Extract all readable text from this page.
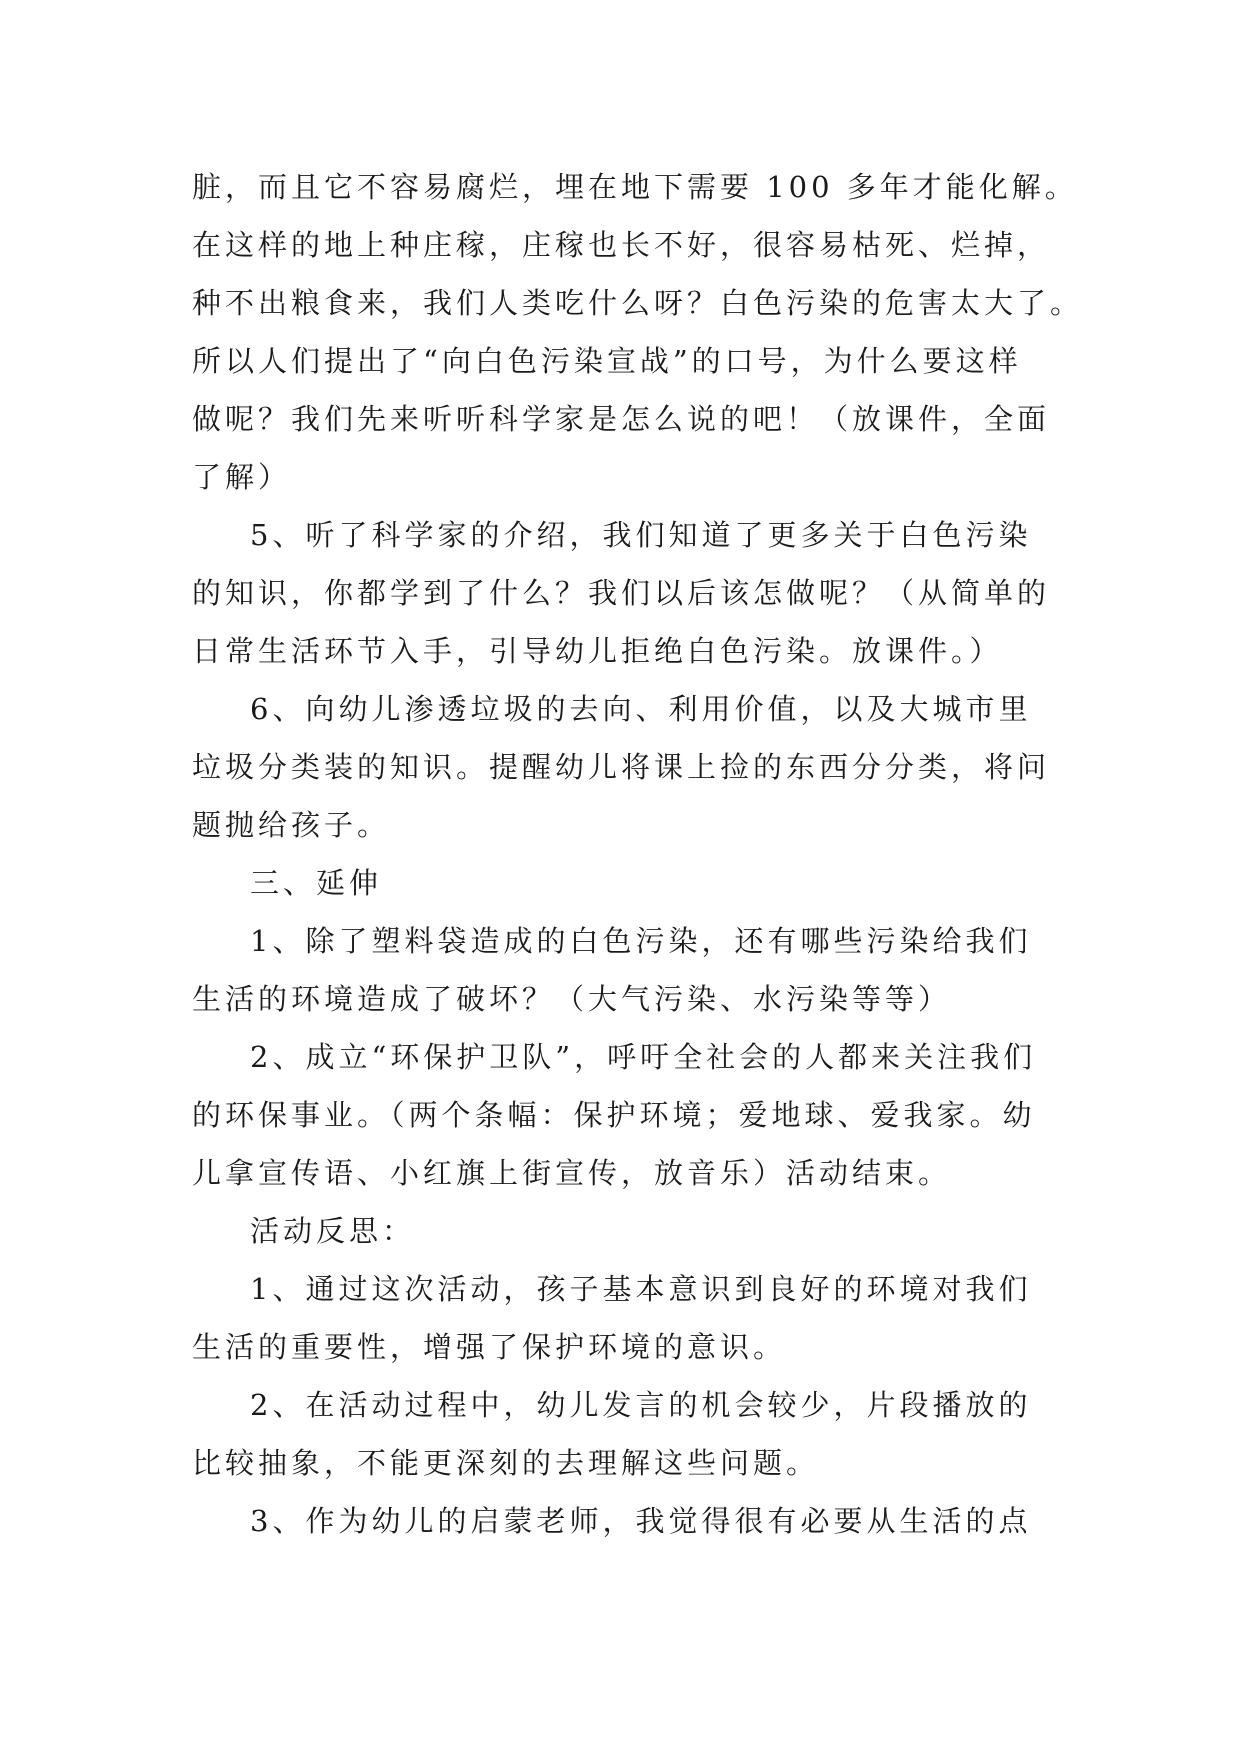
脏，而且它不容易腐烂，埋在地下需要 100 多年才能化解。
在这样的地上种庄稼，庄稼也长不好，很容易枯死、烂掉，
种不出粮食来，我们人类吃什么呀？白色污染的危害太大了。
所以人们提出了“向白色污染宣战”的口号，为什么要这样
做呢？我们先来听听科学家是怎么说的吧！（放课件，全面
了解）
5、听了科学家的介绍，我们知道了更多关于白色污染
的知识，你都学到了什么？我们以后该怎做呢？（从简单的
日常生活环节入手，引导幼儿拒绝白色污染。放课件。）
6、向幼儿渗透垃圾的去向、利用价值，以及大城市里
垃圾分类装的知识。提醒幼儿将课上捡的东西分分类，将问
题抛给孩子。
三、延伸
1、除了塑料袋造成的白色污染，还有哪些污染给我们
生活的环境造成了破坏？（大气污染、水污染等等）
2、成立“环保护卫队”，呼吁全社会的人都来关注我们
的环保事业。（两个条幅：保护环境；爱地球、爱我家。幼
儿拿宣传语、小红旗上街宣传，放音乐）活动结束。
活动反思：
1、通过这次活动，孩子基本意识到良好的环境对我们
生活的重要性，增强了保护环境的意识。
2、在活动过程中，幼儿发言的机会较少，片段播放的
比较抽象，不能更深刻的去理解这些问题。
3、作为幼儿的启蒙老师，我觉得很有必要从生活的点
